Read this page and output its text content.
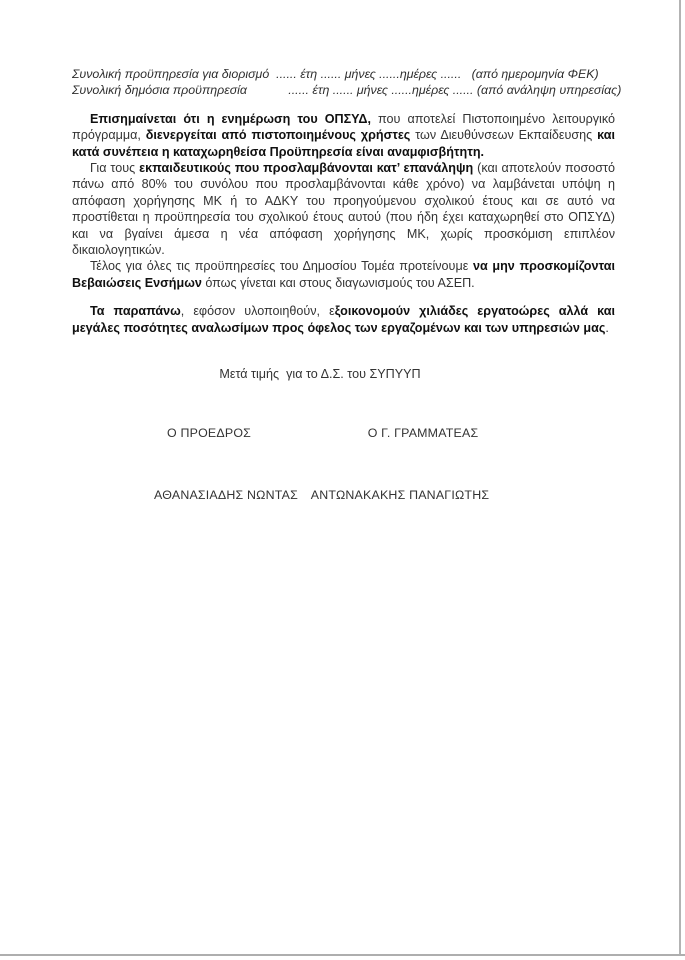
Συνολική προϋπηρεσία για διορισμό  ...... έτη ...... μήνες ......ημέρες ......   (από ημερομηνία ΦΕΚ)
Συνολική δημόσια προϋπηρεσία            ...... έτη ...... μήνες ......ημέρες ...... (από ανάληψη υπηρεσίας)

Επισημαίνεται ότι η ενημέρωση του ΟΠΣΥΔ, που αποτελεί Πιστοποιημένο λειτουργικό πρόγραμμα, διενεργείται από πιστοποιημένους χρήστες των Διευθύνσεων Εκπαίδευσης και κατά συνέπεια η καταχωρηθείσα Προϋπηρεσία είναι αναμφισβήτητη.

Για τους εκπαιδευτικούς που προσλαμβάνονται κατ’ επανάληψη (και αποτελούν ποσοστό πάνω από 80% του συνόλου που προσλαμβάνονται κάθε χρόνο) να λαμβάνεται υπόψη η απόφαση χορήγησης ΜΚ ή το ΑΔΚΥ του προηγούμενου σχολικού έτους και σε αυτό να προστίθεται η προϋπηρεσία του σχολικού έτους αυτού (που ήδη έχει καταχωρηθεί στο ΟΠΣΥΔ) και να βγαίνει άμεσα η νέα απόφαση χορήγησης ΜΚ, χωρίς προσκόμιση επιπλέον δικαιολογητικών.

Τέλος για όλες τις προϋπηρεσίες του Δημοσίου Τομέα προτείνουμε να μην προσκομίζονται Βεβαιώσεις Ενσήμων όπως γίνεται και στους διαγωνισμούς του ΑΣΕΠ.

Τα παραπάνω, εφόσον υλοποιηθούν, εξοικονομούν χιλιάδες εργατοώρες αλλά και μεγάλες ποσότητες αναλωσίμων προς όφελος των εργαζομένων και των υπηρεσιών μας.

Μετά τιμής  για το Δ.Σ. του ΣΥΠΥΥΠ
Ο ΠΡΟΕΔΡΟΣ	Ο Γ. ΓΡΑΜΜΑΤΕΑΣ
ΑΘΑΝΑΣΙΑΔΗΣ ΝΩΝΤΑΣ ΑΝΤΩΝΑΚΑΚΗΣ ΠΑΝΑΓΙΩΤΗΣ
